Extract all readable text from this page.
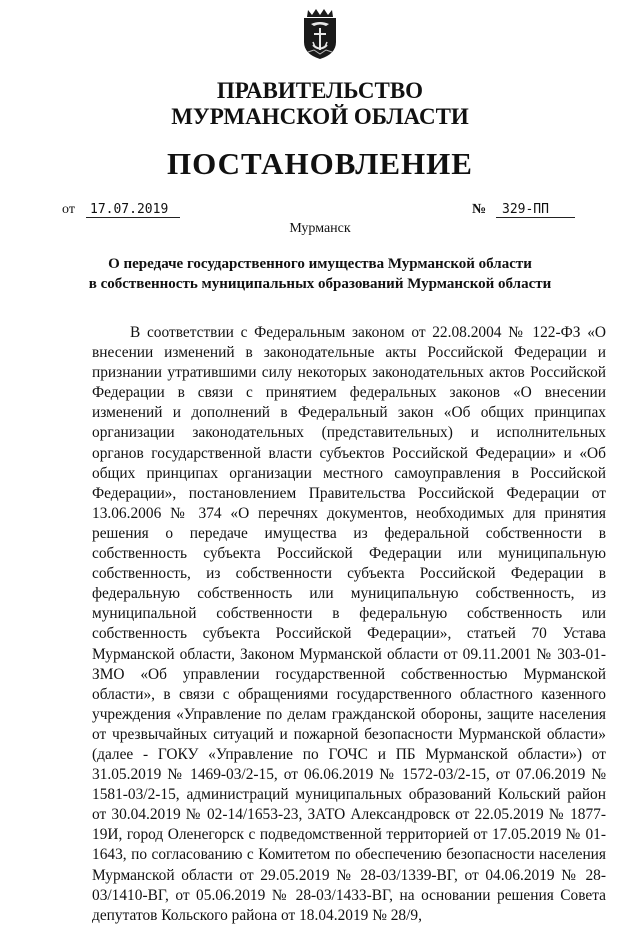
ПРАВИТЕЛЬСТВО
МУРМАНСКОЙ ОБЛАСТИ
ПОСТАНОВЛЕНИЕ
от	17.07.2019	№	329-ПП
Мурманск
О передаче государственного имущества Мурманской области
в собственность муниципальных образований Мурманской области
В соответствии с Федеральным законом от 22.08.2004 № 122-ФЗ «О внесении изменений в законодательные акты Российской Федерации и признании утратившими силу некоторых законодательных актов Российской Федерации в связи с принятием федеральных законов «О внесении изменений и дополнений в Федеральный закон «Об общих принципах организации законодательных (представительных) и исполнительных органов государственной власти субъектов Российской Федерации» и «Об общих принципах организации местного самоуправления в Российской Федерации», постановлением Правительства Российской Федерации от 13.06.2006 № 374 «О перечнях документов, необходимых для принятия решения о передаче имущества из федеральной собственности в собственность субъекта Российской Федерации или муниципальную собственность, из собственности субъекта Российской Федерации в федеральную собственность или муниципальную собственность, из муниципальной собственности в федеральную собственность или собственность субъекта Российской Федерации», статьей 70 Устава Мурманской области, Законом Мурманской области от 09.11.2001 № 303-01-ЗМО «Об управлении государственной собственностью Мурманской области», в связи с обращениями государственного областного казенного учреждения «Управление по делам гражданской обороны, защите населения от чрезвычайных ситуаций и пожарной безопасности Мурманской области» (далее - ГОКУ «Управление по ГОЧС и ПБ Мурманской области») от 31.05.2019 № 1469-03/2-15, от 06.06.2019 № 1572-03/2-15, от 07.06.2019 № 1581-03/2-15, администраций муниципальных образований Кольский район от 30.04.2019 № 02-14/1653-23, ЗАТО Александровск от 22.05.2019 № 1877-19И, город Оленегорск с подведомственной территорией от 17.05.2019 № 01-1643, по согласованию с Комитетом по обеспечению безопасности населения Мурманской области от 29.05.2019 № 28-03/1339-ВГ, от 04.06.2019 № 28-03/1410-ВГ, от 05.06.2019 № 28-03/1433-ВГ, на основании решения Совета депутатов Кольского района от 18.04.2019 № 28/9,
